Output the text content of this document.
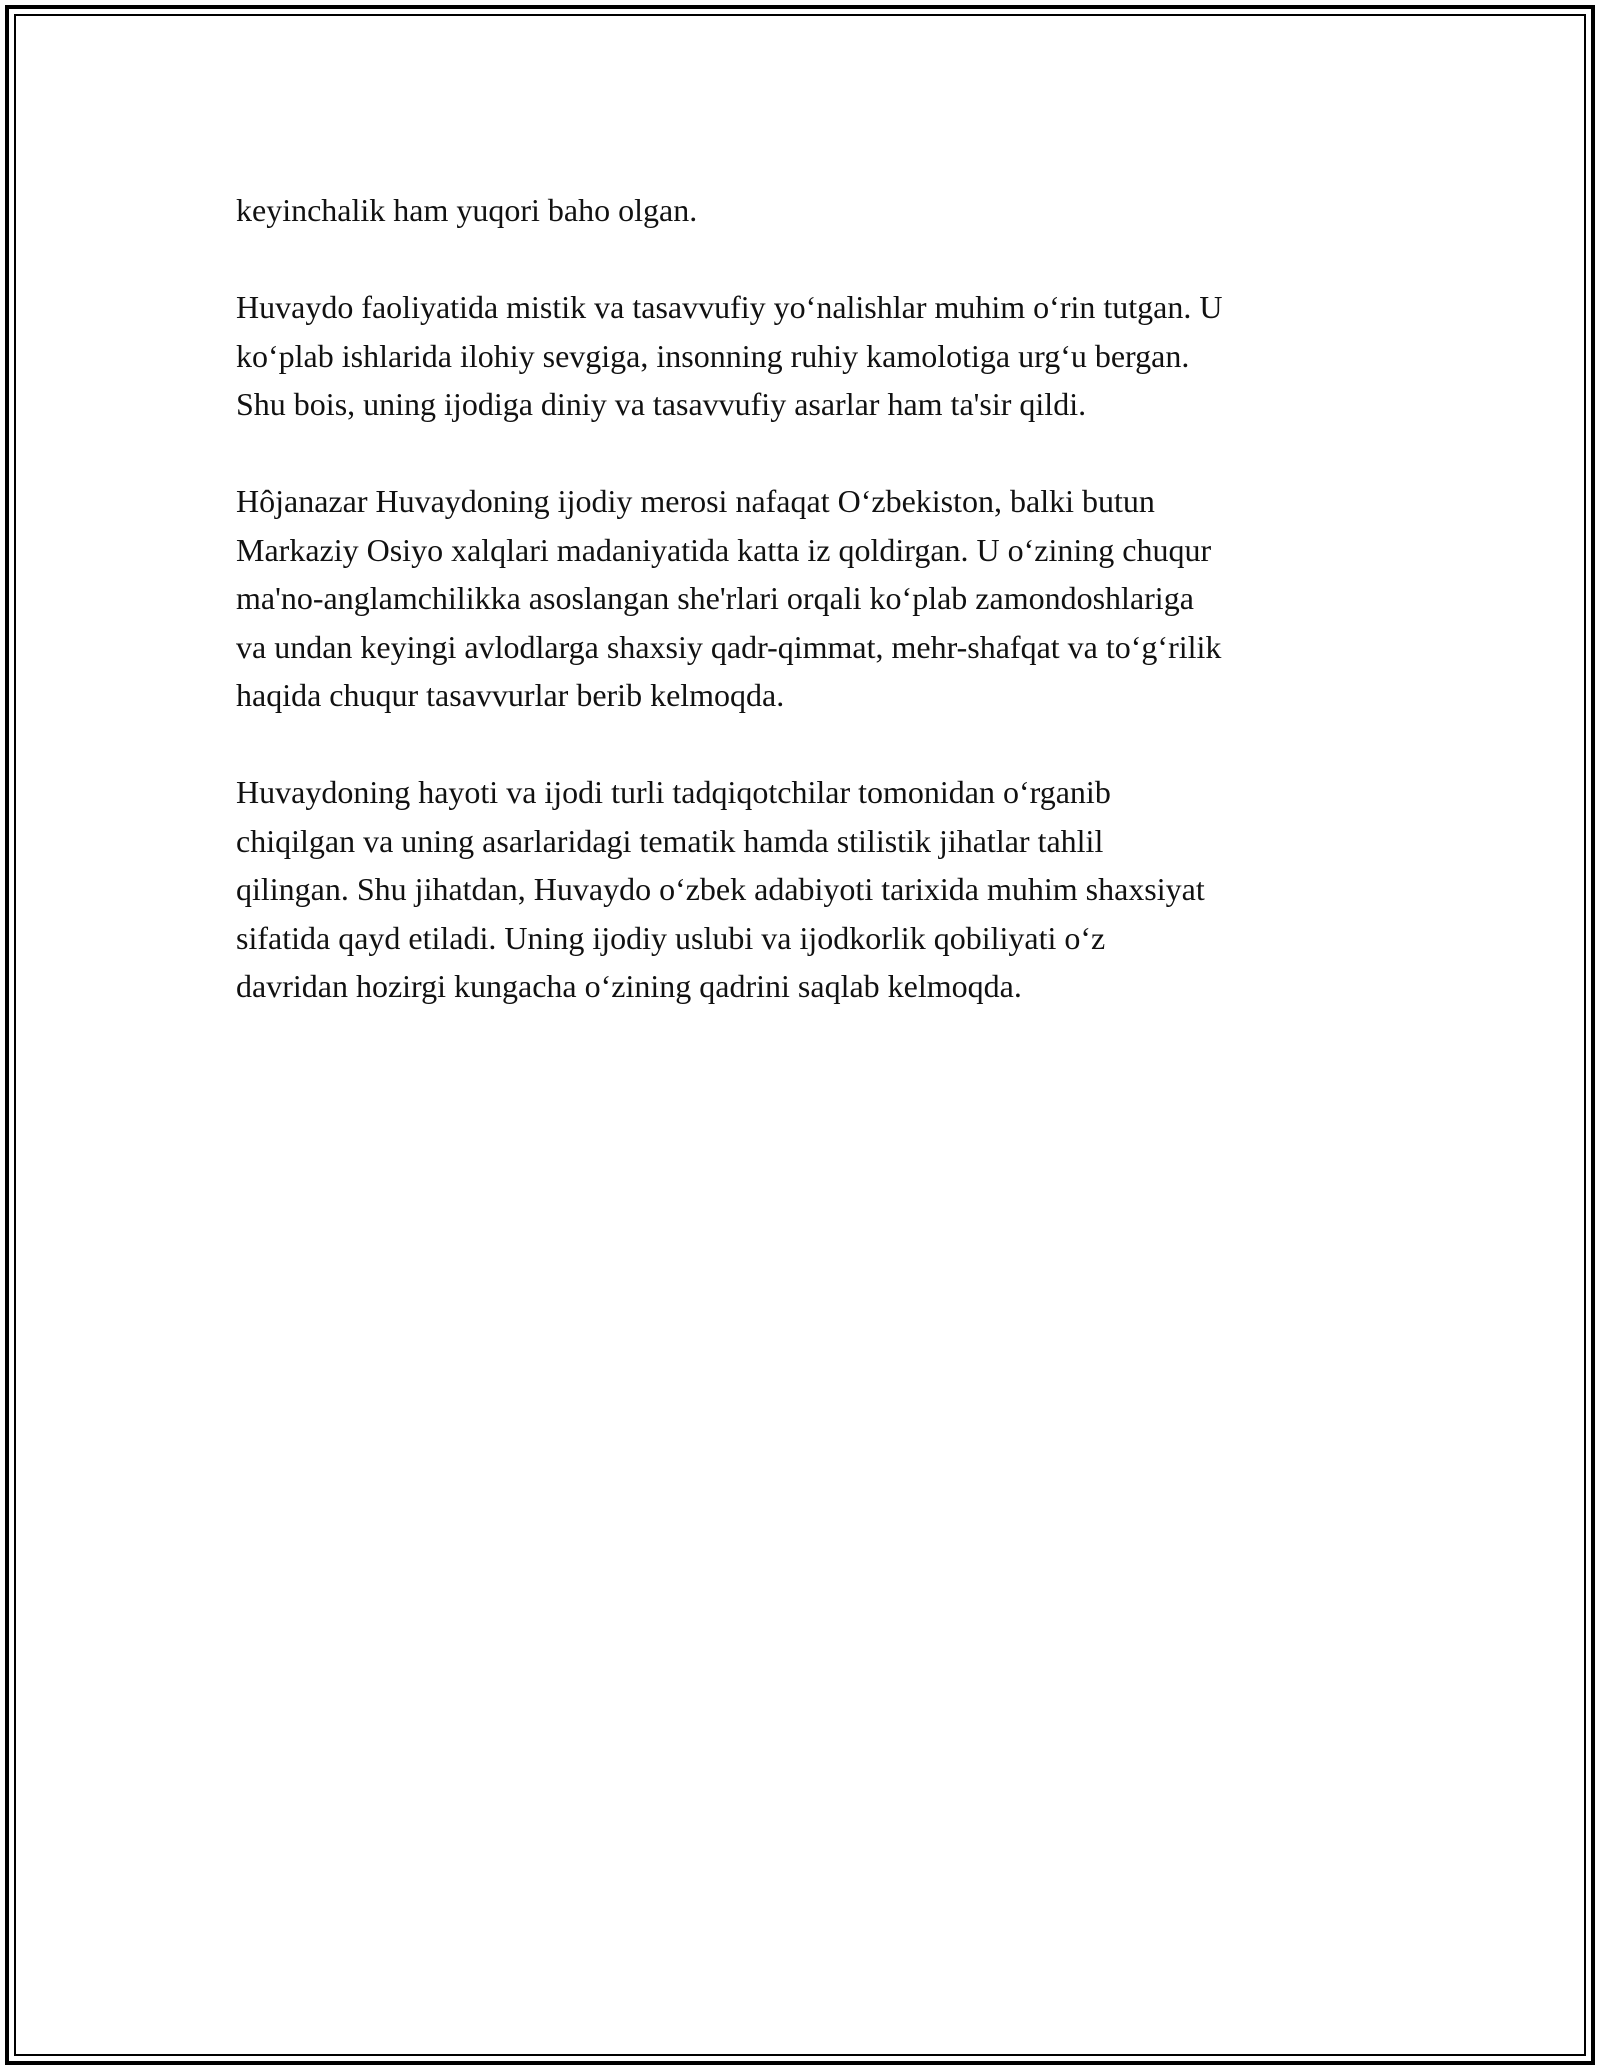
keyinchalik ham yuqori baho olgan.

Huvaydo faoliyatida mistik va tasavvufiy yo‘nalishlar muhim o‘rin tutgan. U
ko‘plab ishlarida ilohiy sevgiga, insonning ruhiy kamolotiga urg‘u bergan.
Shu bois, uning ijodiga diniy va tasavvufiy asarlar ham ta'sir qildi.

Hôjanazar Huvaydoning ijodiy merosi nafaqat O‘zbekiston, balki butun
Markaziy Osiyo xalqlari madaniyatida katta iz qoldirgan. U o‘zining chuqur
ma'no-anglamchilikka asoslangan she'rlari orqali ko‘plab zamondoshlariga
va undan keyingi avlodlarga shaxsiy qadr-qimmat, mehr-shafqat va to‘g‘rilik
haqida chuqur tasavvurlar berib kelmoqda.

Huvaydoning hayoti va ijodi turli tadqiqotchilar tomonidan o‘rganib
chiqilgan va uning asarlaridagi tematik hamda stilistik jihatlar tahlil
qilingan. Shu jihatdan, Huvaydo o‘zbek adabiyoti tarixida muhim shaxsiyat
sifatida qayd etiladi. Uning ijodiy uslubi va ijodkorlik qobiliyati o‘z
davridan hozirgi kungacha o‘zining qadrini saqlab kelmoqda.
